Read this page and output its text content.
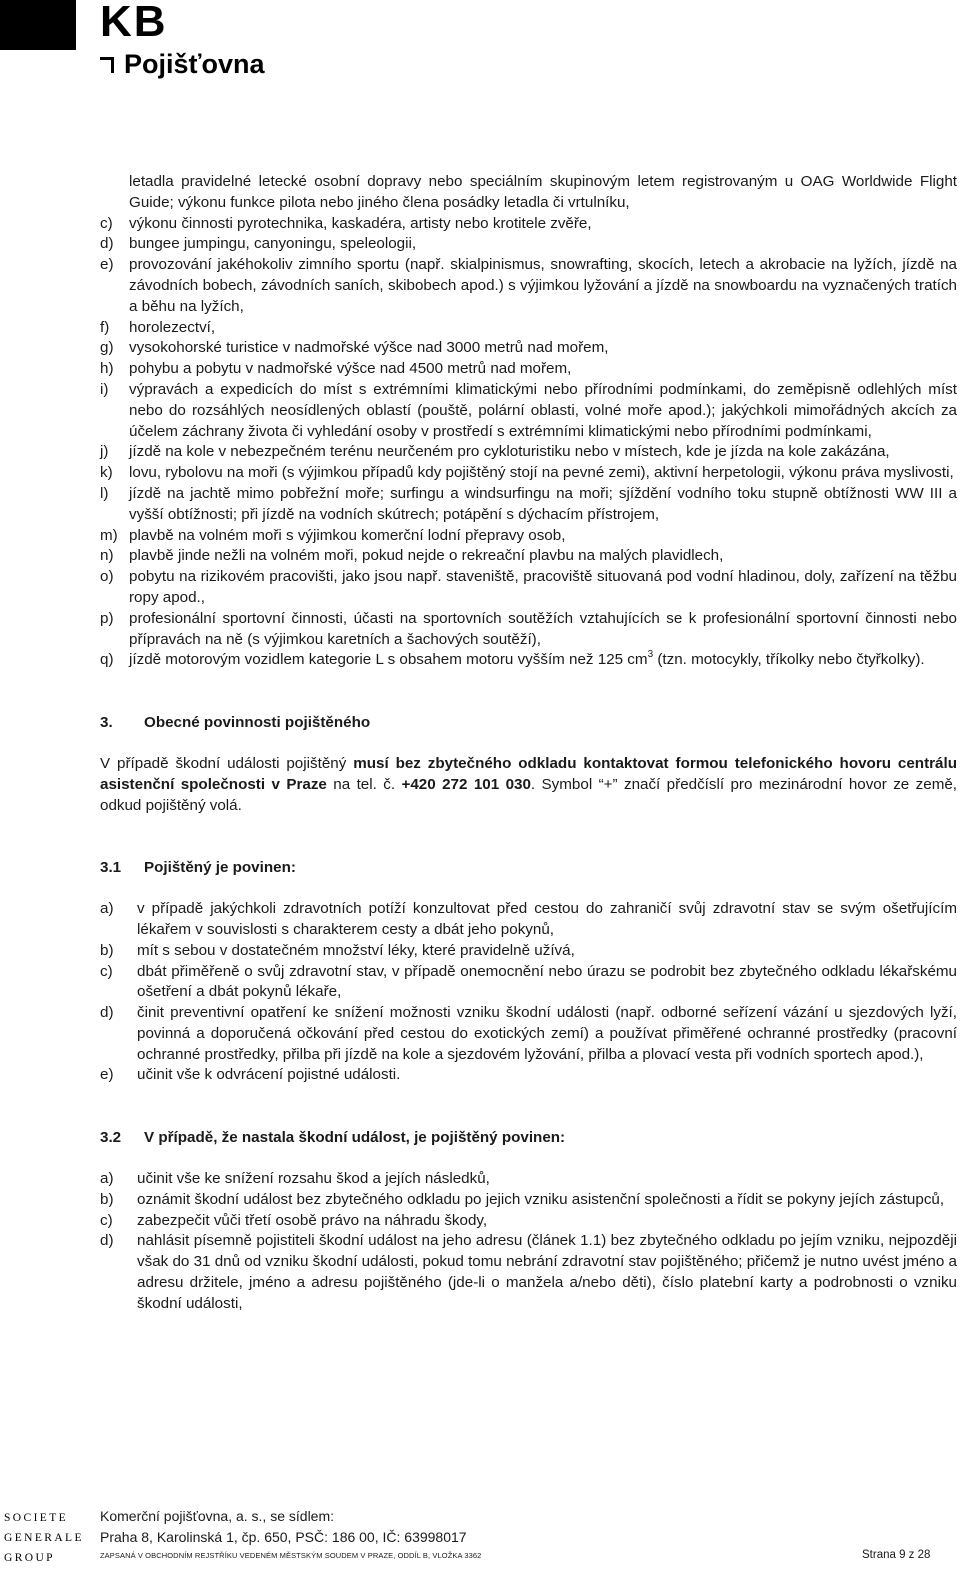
KB
Pojišťovna
letadla pravidelné letecké osobní dopravy nebo speciálním skupinovým letem registrovaným u OAG Worldwide Flight Guide; výkonu funkce pilota nebo jiného člena posádky letadla či vrtulníku,
c)	výkonu činnosti pyrotechnika, kaskadéra, artisty nebo krotitele zvěře,
d)	bungee jumpingu, canyoningu, speleologii,
e)	provozování jakéhokoliv zimního sportu (např. skialpinismus, snowrafting, skocích, letech a akrobacie na lyžích, jízdě na závodních bobech, závodních saních, skibobech apod.) s výjimkou lyžování a jízdě na snowboardu na vyznačených tratích a běhu na lyžích,
f)	horolezectví,
g)	vysokohorské turistice v nadmořské výšce nad 3000 metrů nad mořem,
h)	pohybu a pobytu v nadmořské výšce nad 4500 metrů nad mořem,
i)	výpravách a expedicích do míst s extrémními klimatickými nebo přírodními podmínkami, do zeměpisně odlehlých míst nebo do rozsáhlých neosídlených oblastí (pouště, polární oblasti, volné moře apod.); jakýchkoli mimořádných akcích za účelem záchrany života či vyhledání osoby v prostředí s extrémními klimatickými nebo přírodními podmínkami,
j)	jízdě na kole v nebezpečném terénu neurčeném pro cykloturistiku nebo v místech, kde je jízda na kole zakázána,
k)	lovu, rybolovu na moři (s výjimkou případů kdy pojištěný stojí na pevné zemi), aktivní herpetologii, výkonu práva myslivosti,
l)	jízdě na jachtě mimo pobřežní moře; surfingu a windsurfingu na moři; sjíždění vodního toku stupně obtížnosti WW III a vyšší obtížnosti; při jízdě na vodních skútrech; potápění s dýchacím přístrojem,
m) plavbě na volném moři s výjimkou komerční lodní přepravy osob,
n)	plavbě jinde nežli na volném moři, pokud nejde o rekreační plavbu na malých plavidlech,
o)	pobytu na rizikovém pracovišti, jako jsou např. staveniště, pracoviště situovaná pod vodní hladinou, doly, zařízení na těžbu ropy apod.,
p)	profesionální sportovní činnosti, účasti na sportovních soutěžích vztahujících se k profesionální sportovní činnosti nebo přípravách na ně (s výjimkou karetních a šachových soutěží),
q)	jízdě motorovým vozidlem kategorie L s obsahem motoru vyšším než 125 $cm^3$ (tzn. motocykly, tříkolky nebo čtyřkolky).
3.	Obecné povinnosti pojištěného
V případě škodní události pojištěný musí bez zbytečného odkladu kontaktovat formou telefonického hovoru centrálu asistenční společnosti v Praze na tel. č. +420 272 101 030. Symbol “+” značí předčíslí pro mezinárodní hovor ze země, odkud pojištěný volá.
3.1	Pojištěný je povinen:
a)	v případě jakýchkoli zdravotních potíží konzultovat před cestou do zahraničí svůj zdravotní stav se svým ošetřujícím lékařem v souvislosti s charakterem cesty a dbát jeho pokynů,
b)	mít s sebou v dostatečném množství léky, které pravidelně užívá,
c)	dbát přiměřeně o svůj zdravotní stav, v případě onemocnění nebo úrazu se podrobit bez zbytečného odkladu lékařskému ošetření a dbát pokynů lékaře,
d)	činit preventivní opatření ke snížení možnosti vzniku škodní události (např. odborné seřízení vázání u sjezdových lyží, povinná a doporučená očkování před cestou do exotických zemí) a používat přiměřené ochranné prostředky (pracovní ochranné prostředky, přilba při jízdě na kole a sjezdovém lyžování, přilba a plovací vesta při vodních sportech apod.),
e)	učinit vše k odvrácení pojistné události.
3.2	V případě, že nastala škodní událost, je pojištěný povinen:
a)	učinit vše ke snížení rozsahu škod a jejích následků,
b)	oznámit škodní událost bez zbytečného odkladu po jejich vzniku asistenční společnosti a řídit se pokyny jejích zástupců,
c)	zabezpečit vůči třetí osobě právo na náhradu škody,
d)	nahlásit písemně pojistiteli škodní událost na jeho adresu (článek 1.1) bez zbytečného odkladu po jejím vzniku, nejpozději však do 31 dnů od vzniku škodní události, pokud tomu nebrání zdravotní stav pojištěného; přičemž je nutno uvést jméno a adresu držitele, jméno a adresu pojištěného (jde-li o manžela a/nebo děti), číslo platební karty a podrobnosti o vzniku škodní události,
SOCIETE
GENERALE
GROUP
Komerční pojišťovna, a. s., se sídlem:
Praha 8, Karolinská 1, čp. 650, PSČ: 186 00, IČ: 63998017
ZAPSANÁ V OBCHODNÍM REJSTŘÍKU VEDENÉM MĚSTSKÝM SOUDEM V PRAZE, ODDÍL B, VLOŽKA 3362	Strana 9 z 28
